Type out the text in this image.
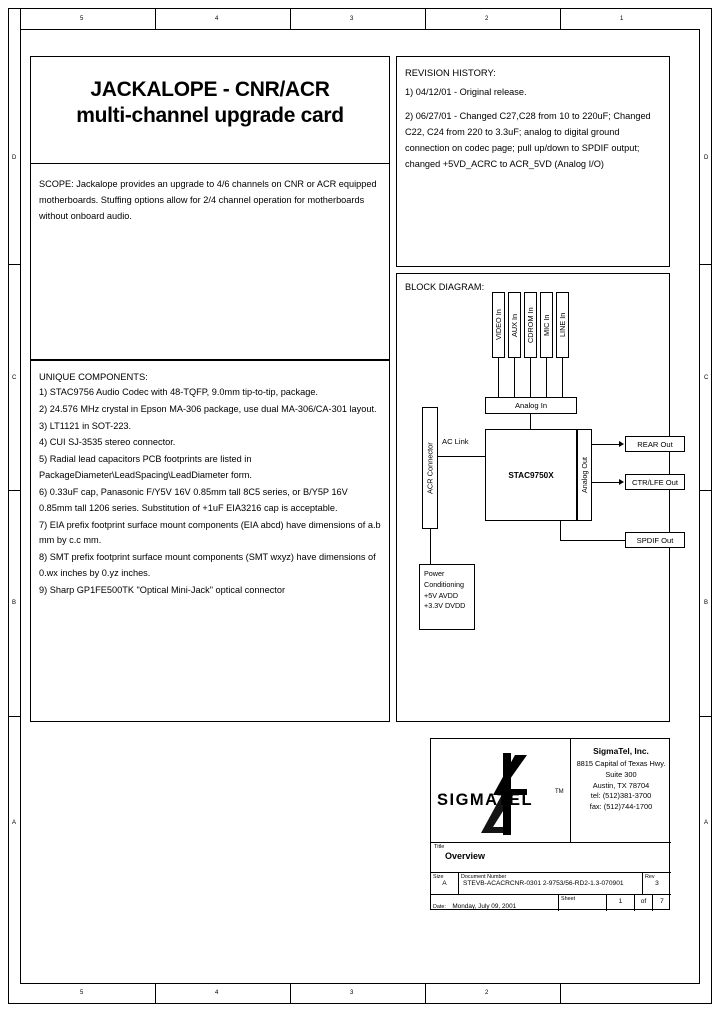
5	4	3	2	1
5	4	3	2
D
C
B
A
D
C
B
A
JACKALOPE - CNR/ACR
multi-channel upgrade card
SCOPE: Jackalope provides an upgrade to 4/6 channels on CNR or ACR equipped motherboards. Stuffing options allow for 2/4 channel operation for motherboards without onboard audio.
UNIQUE COMPONENTS:
1) STAC9756 Audio Codec with 48-TQFP, 9.0mm tip-to-tip, package.
2) 24.576 MHz crystal in Epson MA-306 package, use dual MA-306/CA-301 layout.
3) LT1121 in SOT-223.
4) CUI SJ-3535 stereo connector.
5) Radial lead capacitors PCB footprints are listed in PackageDiameter\LeadSpacing\LeadDiameter form.
6) 0.33uF cap, Panasonic F/Y5V 16V 0.85mm tall 8C5 series, or B/Y5P 16V 0.85mm tall 1206 series. Substitution of +1uF EIA3216 cap is acceptable.
7) EIA prefix footprint surface mount components (EIA abcd) have dimensions of a.b mm by c.c mm.
8) SMT prefix footprint surface mount components (SMT wxyz) have dimensions of 0.wx inches by 0.yz inches.
9) Sharp GP1FE500TK "Optical Mini-Jack" optical connector
REVISION HISTORY:
1) 04/12/01 - Original release.
2) 06/27/01 - Changed C27,C28 from 10 to 220uF; Changed C22, C24 from 220 to 3.3uF; analog to digital ground connection on codec page; pull up/down to SPDIF output; changed +5VD_ACRC to ACR_5VD (Analog I/O)
BLOCK DIAGRAM:
VIDEO In AUX In CDROM In MIC In LINE In
Analog In
STAC9750X
ACR Connector
AC Link
Analog Out
REAR Out
CTR/LFE Out
SPDIF Out
Power
Conditioning
+5V AVDD
+3.3V DVDD
SIGMATEL	TM
SigmaTel, Inc.
8815 Capital of Texas Hwy.
Suite 300
Austin, TX 78704
tel: (512)381-3700
fax: (512)744-1700
Title
Overview
Size
A
Document Number
STEVB-ACACRCNR-0301 2-9753/56-RD2-1.3-070901
Rev
3
Date: Monday, July 09, 2001
Sheet	1	of	7
